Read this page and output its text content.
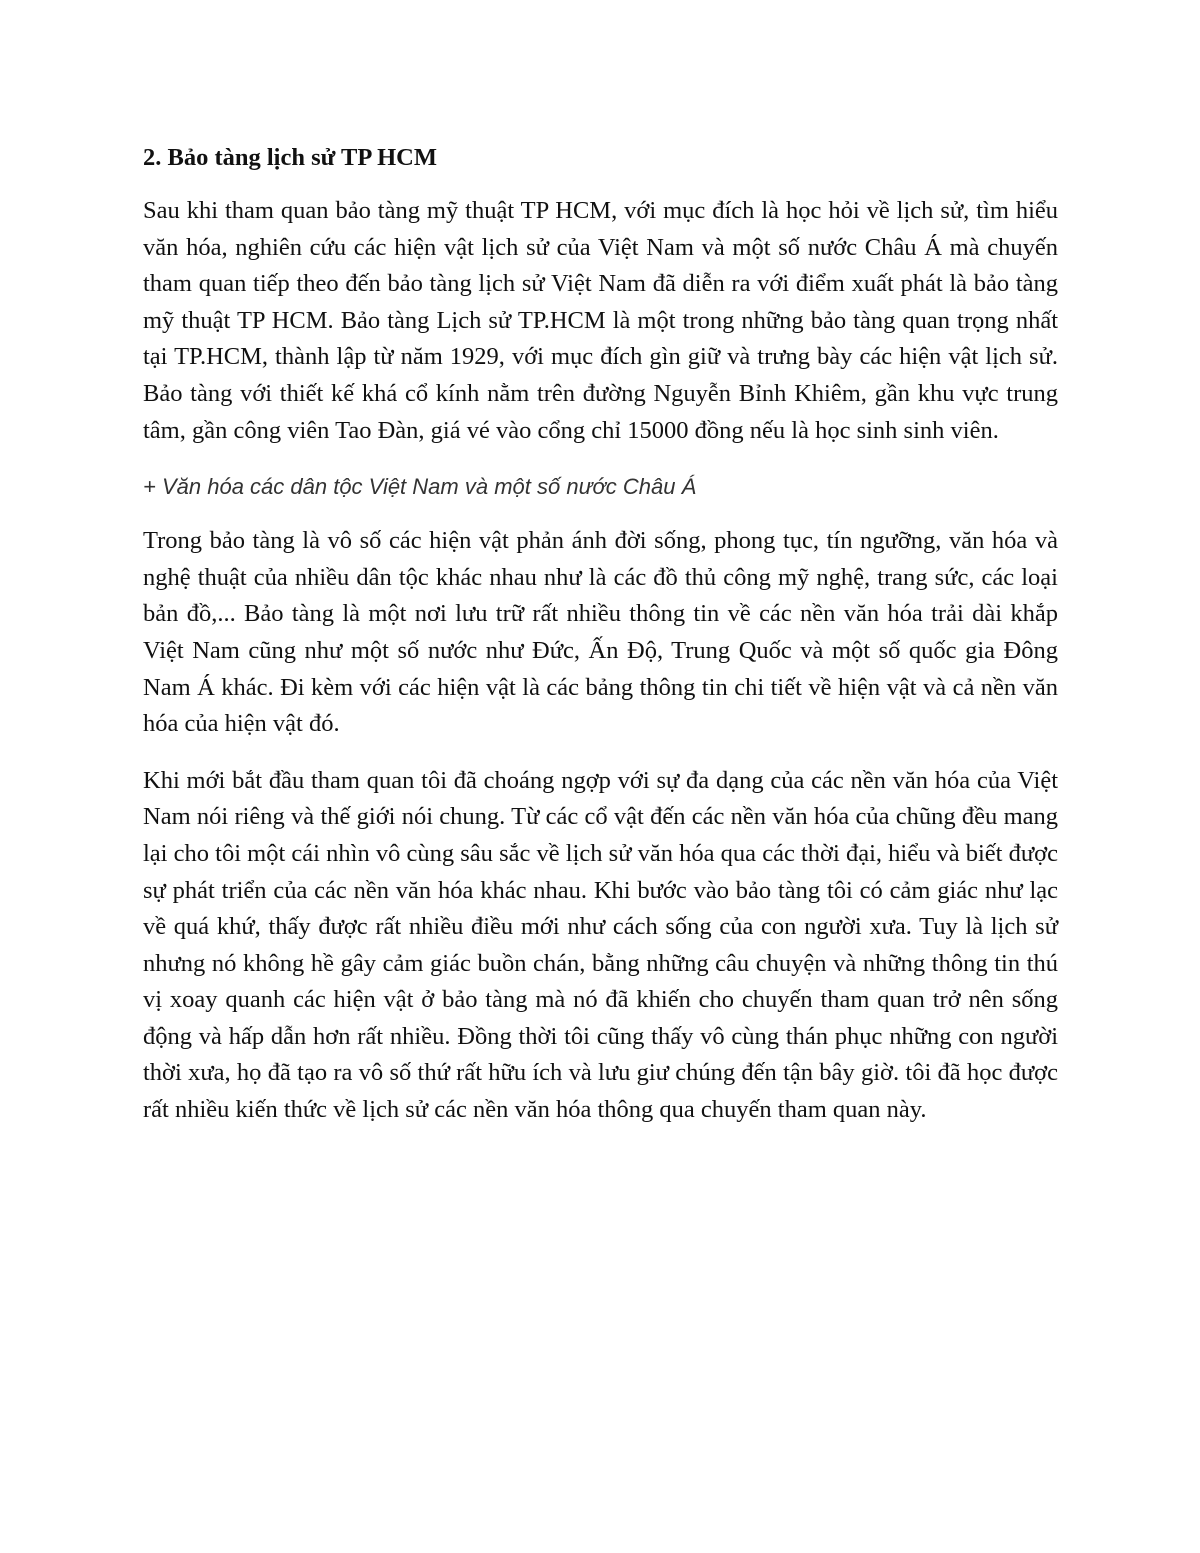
2. Bảo tàng lịch sử TP HCM

Sau khi tham quan bảo tàng mỹ thuật TP HCM, với mục đích là học hỏi về lịch sử, tìm hiểu văn hóa, nghiên cứu các hiện vật lịch sử của Việt Nam và một số nước Châu Á mà chuyến tham quan tiếp theo đến bảo tàng lịch sử Việt Nam đã diễn ra với điểm xuất phát là bảo tàng mỹ thuật TP HCM. Bảo tàng Lịch sử TP.HCM là một trong những bảo tàng quan trọng nhất tại TP.HCM, thành lập từ năm 1929, với mục đích gìn giữ và trưng bày các hiện vật lịch sử. Bảo tàng với thiết kế khá cổ kính nằm trên đường Nguyễn Bỉnh Khiêm, gần khu vực trung tâm, gần công viên Tao Đàn, giá vé vào cổng chỉ 15000 đồng nếu là học sinh sinh viên.

+ Văn hóa các dân tộc Việt Nam và một số nước Châu Á

Trong bảo tàng là vô số các hiện vật phản ánh đời sống, phong tục, tín ngưỡng, văn hóa và nghệ thuật của nhiều dân tộc khác nhau như là các đồ thủ công mỹ nghệ, trang sức, các loại bản đồ,... Bảo tàng là một nơi lưu trữ rất nhiều thông tin về các nền văn hóa trải dài khắp Việt Nam cũng như một số nước như Đức, Ấn Độ, Trung Quốc và một số quốc gia Đông Nam Á khác. Đi kèm với các hiện vật là các bảng thông tin chi tiết về hiện vật và cả nền văn hóa của hiện vật đó.

Khi mới bắt đầu tham quan tôi đã choáng ngợp với sự đa dạng của các nền văn hóa của Việt Nam nói riêng và thế giới nói chung. Từ các cổ vật đến các nền văn hóa của chũng đều mang lại cho tôi một cái nhìn vô cùng sâu sắc về lịch sử văn hóa qua các thời đại, hiểu và biết được sự phát triển của các nền văn hóa khác nhau. Khi bước vào bảo tàng tôi có cảm giác như lạc về quá khứ, thấy được rất nhiều điều mới như cách sống của con người xưa. Tuy là lịch sử nhưng nó không hề gây cảm giác buồn chán, bằng những câu chuyện và những thông tin thú vị xoay quanh các hiện vật ở bảo tàng mà nó đã khiến cho chuyến tham quan trở nên sống động và hấp dẫn hơn rất nhiều. Đồng thời tôi cũng thấy vô cùng thán phục những con người thời xưa, họ đã tạo ra vô số thứ rất hữu ích và lưu giư chúng đến tận bây giờ. tôi đã học được rất nhiều kiến thức về lịch sử các nền văn hóa thông qua chuyến tham quan này.
